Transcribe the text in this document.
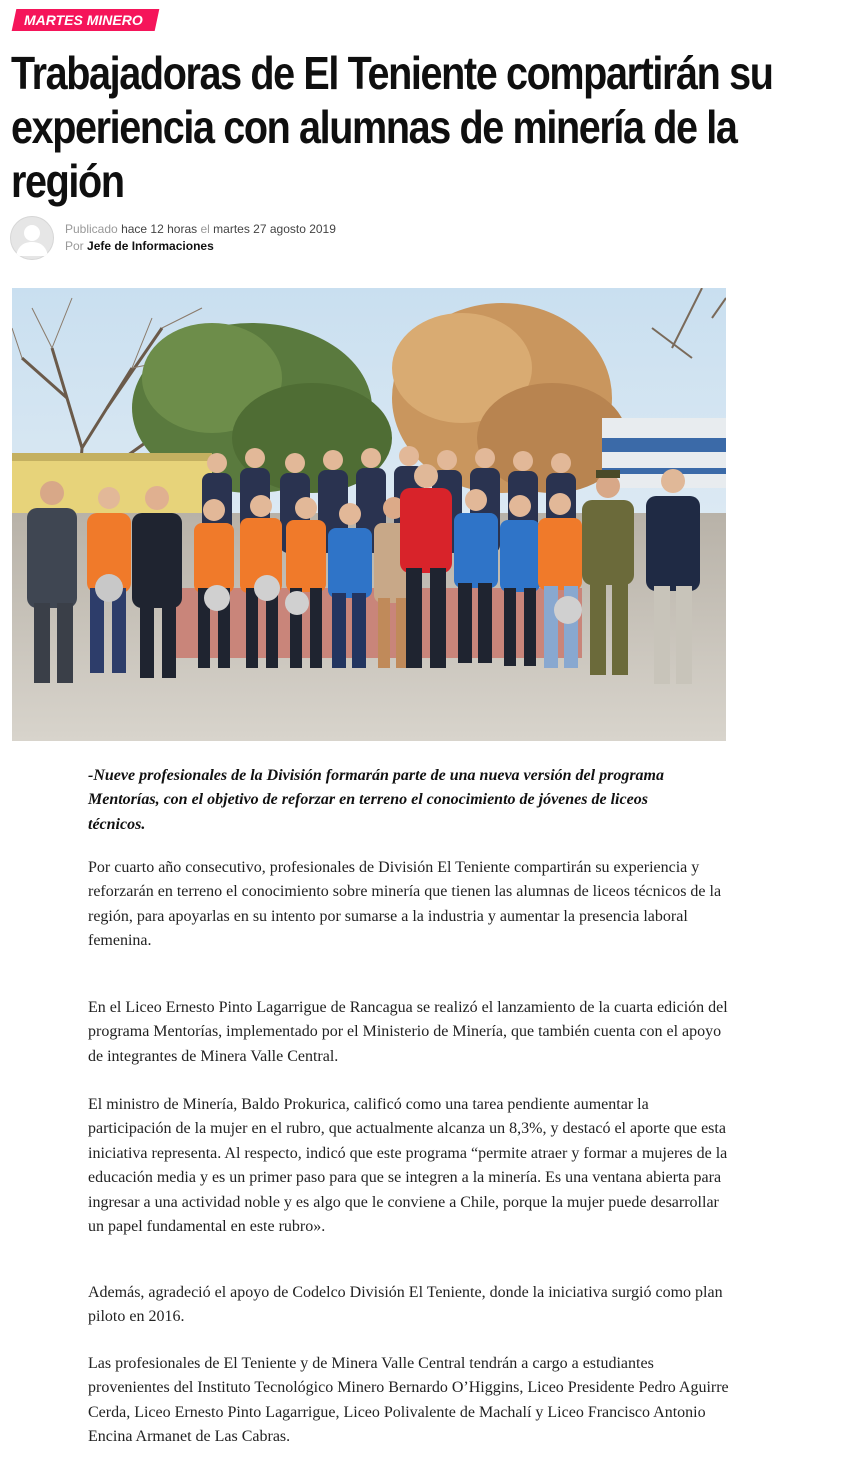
MARTES MINERO
Trabajadoras de El Teniente compartirán su experiencia con alumnas de minería de la región
Publicado hace 12 horas el martes 27 agosto 2019
Por Jefe de Informaciones

-Nueve profesionales de la División formarán parte de una nueva versión del programa Mentorías, con el objetivo de reforzar en terreno el conocimiento de jóvenes de liceos técnicos.

Por cuarto año consecutivo, profesionales de División El Teniente compartirán su experiencia y reforzarán en terreno el conocimiento sobre minería que tienen las alumnas de liceos técnicos de la región, para apoyarlas en su intento por sumarse a la industria y aumentar la presencia laboral femenina.

En el Liceo Ernesto Pinto Lagarrigue de Rancagua se realizó el lanzamiento de la cuarta edición del programa Mentorías, implementado por el Ministerio de Minería, que también cuenta con el apoyo de integrantes de Minera Valle Central.

El ministro de Minería, Baldo Prokurica, calificó como una tarea pendiente aumentar la participación de la mujer en el rubro, que actualmente alcanza un 8,3%, y destacó el aporte que esta iniciativa representa. Al respecto, indicó que este programa “permite atraer y formar a mujeres de la educación media y es un primer paso para que se integren a la minería. Es una ventana abierta para ingresar a una actividad noble y es algo que le conviene a Chile, porque la mujer puede desarrollar un papel fundamental en este rubro».

Además, agradeció el apoyo de Codelco División El Teniente, donde la iniciativa surgió como plan piloto en 2016.

Las profesionales de El Teniente y de Minera Valle Central tendrán a cargo a estudiantes provenientes del Instituto Tecnológico Minero Bernardo O’Higgins, Liceo Presidente Pedro Aguirre Cerda, Liceo Ernesto Pinto Lagarrigue, Liceo Polivalente de Machalí y Liceo Francisco Antonio Encina Armanet de Las Cabras.
